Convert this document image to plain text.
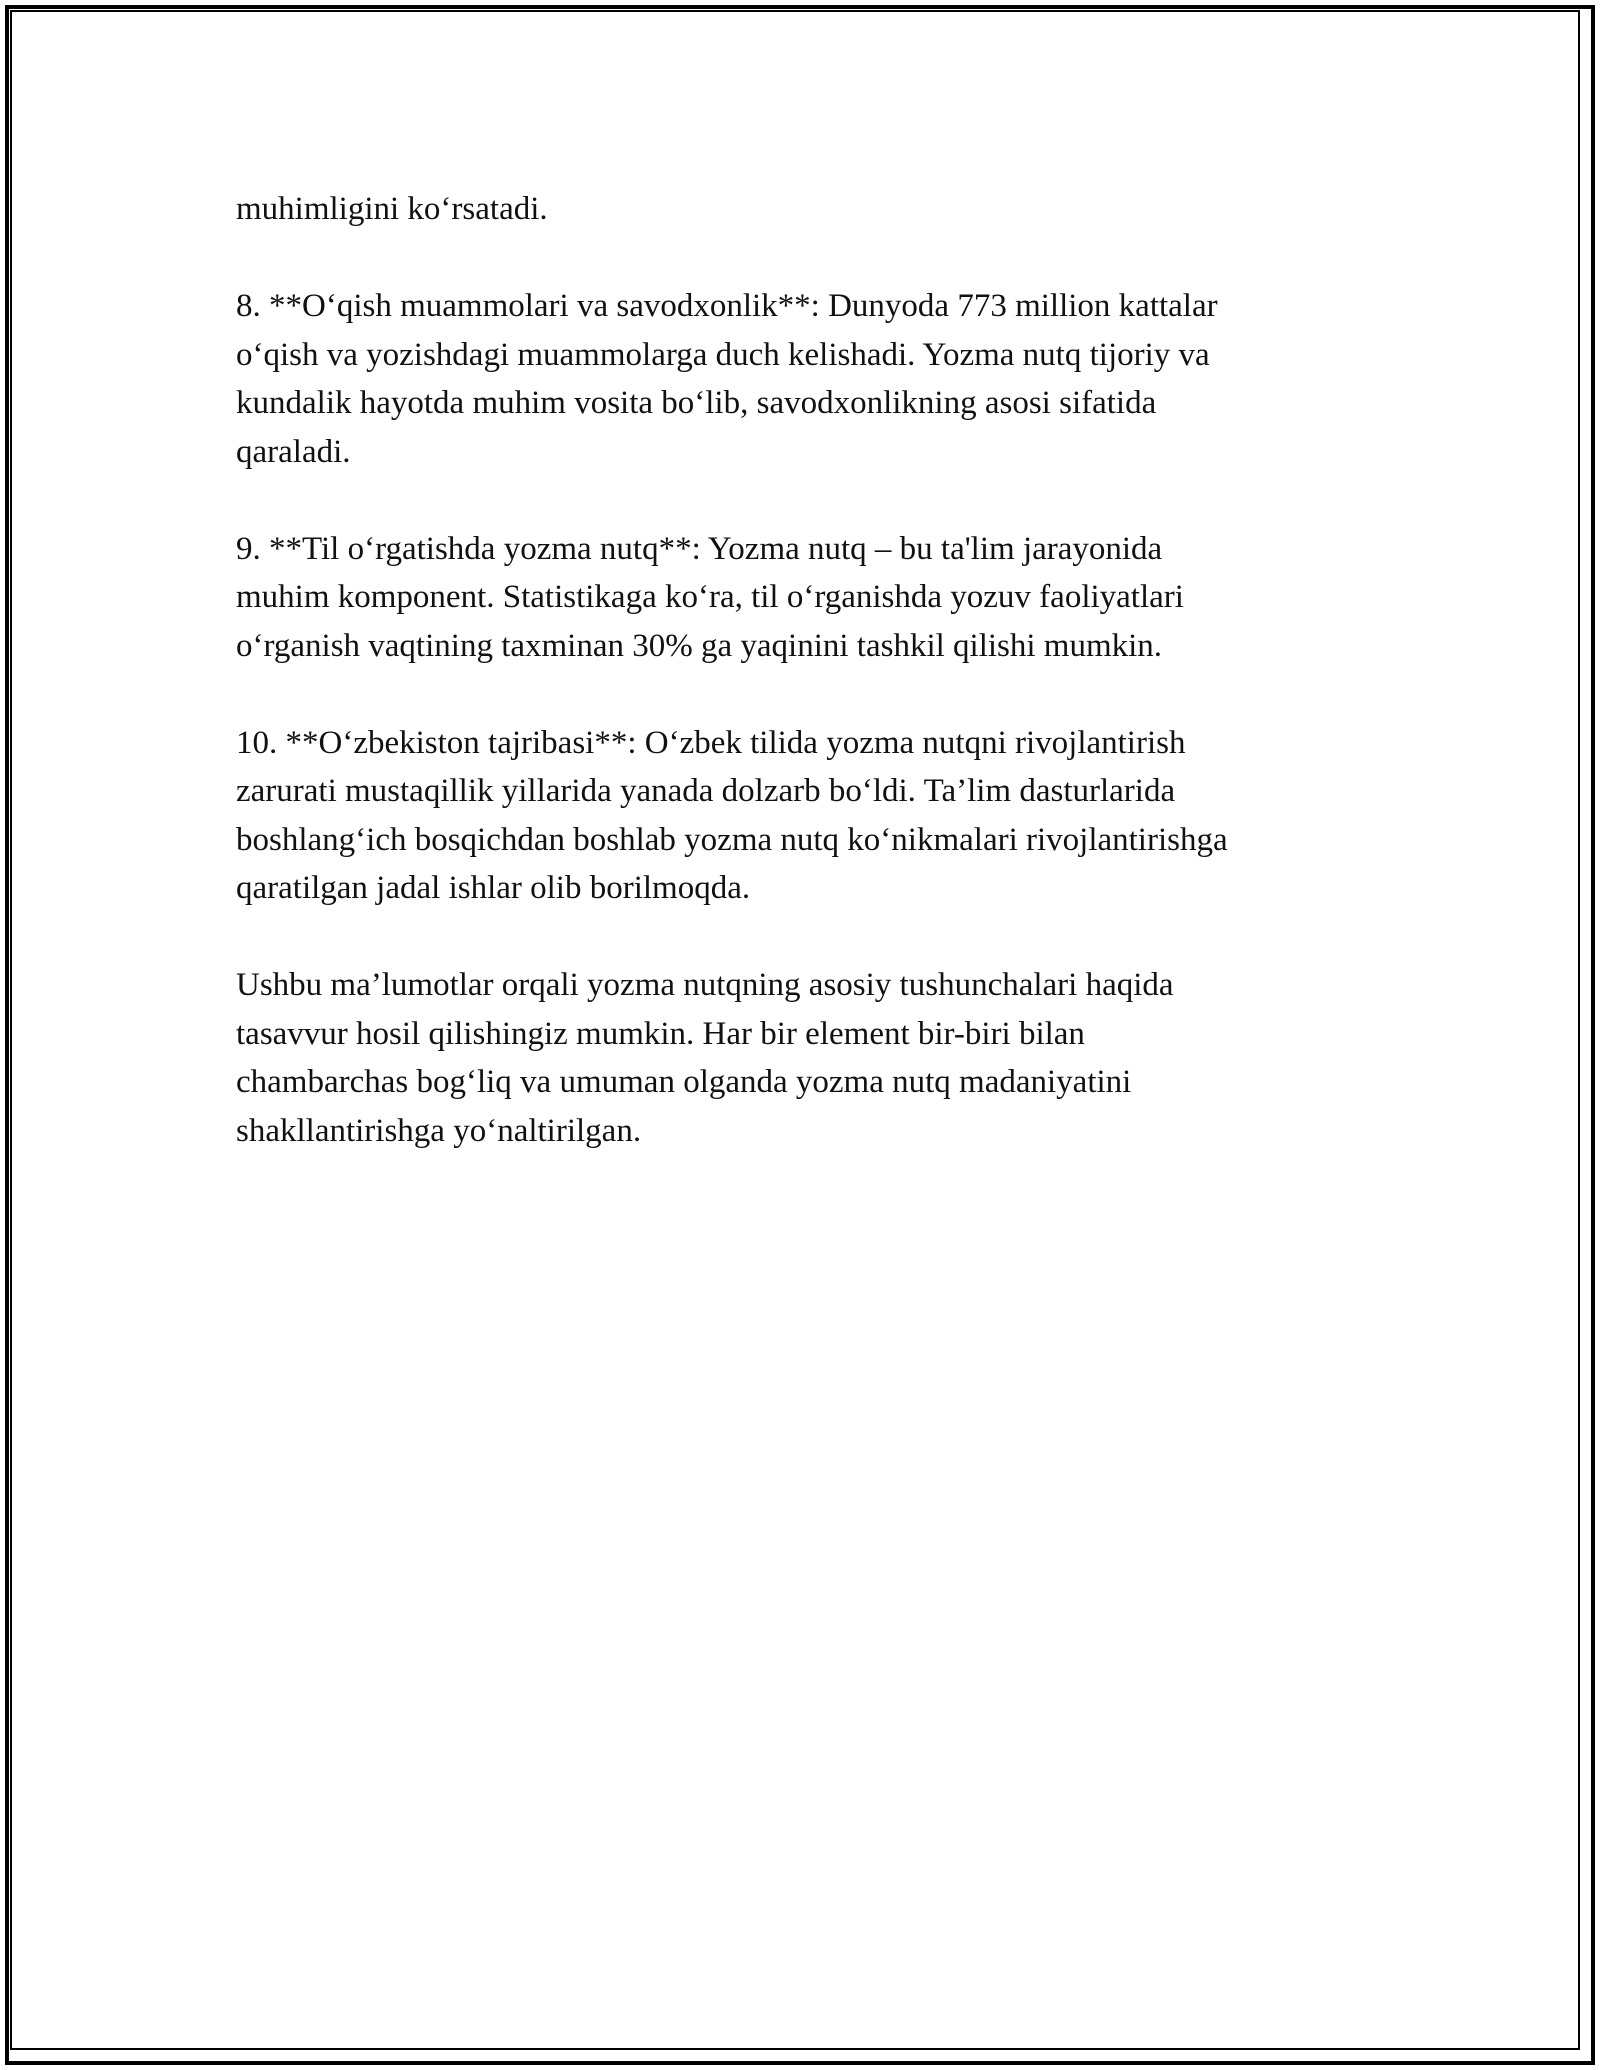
muhimligini ko‘rsatadi.

8. **O‘qish muammolari va savodxonlik**: Dunyoda 773 million kattalar
o‘qish va yozishdagi muammolarga duch kelishadi. Yozma nutq tijoriy va
kundalik hayotda muhim vosita bo‘lib, savodxonlikning asosi sifatida
qaraladi.

9. **Til o‘rgatishda yozma nutq**: Yozma nutq – bu ta'lim jarayonida
muhim komponent. Statistikaga ko‘ra, til o‘rganishda yozuv faoliyatlari
o‘rganish vaqtining taxminan 30% ga yaqinini tashkil qilishi mumkin.

10. **O‘zbekiston tajribasi**: O‘zbek tilida yozma nutqni rivojlantirish
zarurati mustaqillik yillarida yanada dolzarb bo‘ldi. Ta’lim dasturlarida
boshlang‘ich bosqichdan boshlab yozma nutq ko‘nikmalari rivojlantirishga
qaratilgan jadal ishlar olib borilmoqda.

Ushbu ma’lumotlar orqali yozma nutqning asosiy tushunchalari haqida
tasavvur hosil qilishingiz mumkin. Har bir element bir-biri bilan
chambarchas bog‘liq va umuman olganda yozma nutq madaniyatini
shakllantirishga yo‘naltirilgan.
